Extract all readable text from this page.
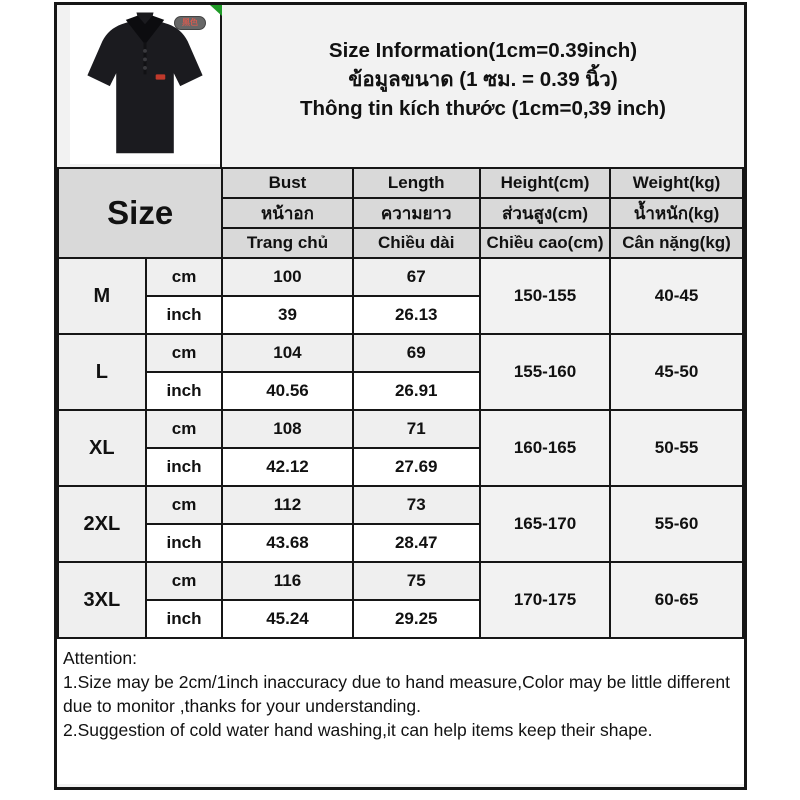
黑色
Size Information(1cm=0.39inch)
ข้อมูลขนาด (1 ซม. = 0.39 นิ้ว)
Thông tin kích thước (1cm=0,39 inch)
Size		Bust	Length	Height(cm)	Weight(kg)
		หน้าอก	ความยาว	ส่วนสูง(cm)	น้ำหนัก(kg)
		Trang chủ	Chiều dài	Chiều cao(cm)	Cân nặng(kg)
M	cm	100	67	150-155	40-45
	inch	39	26.13		
L	cm	104	69	155-160	45-50
	inch	40.56	26.91		
XL	cm	108	71	160-165	50-55
	inch	42.12	27.69		
2XL	cm	112	73	165-170	55-60
	inch	43.68	28.47		
3XL	cm	116	75	170-175	60-65
	inch	45.24	29.25		
Attention:
1.Size may be 2cm/1inch inaccuracy due to hand measure,Color may be little different due to monitor ,thanks for your understanding.
2.Suggestion of cold water hand washing,it can help items keep their shape.
